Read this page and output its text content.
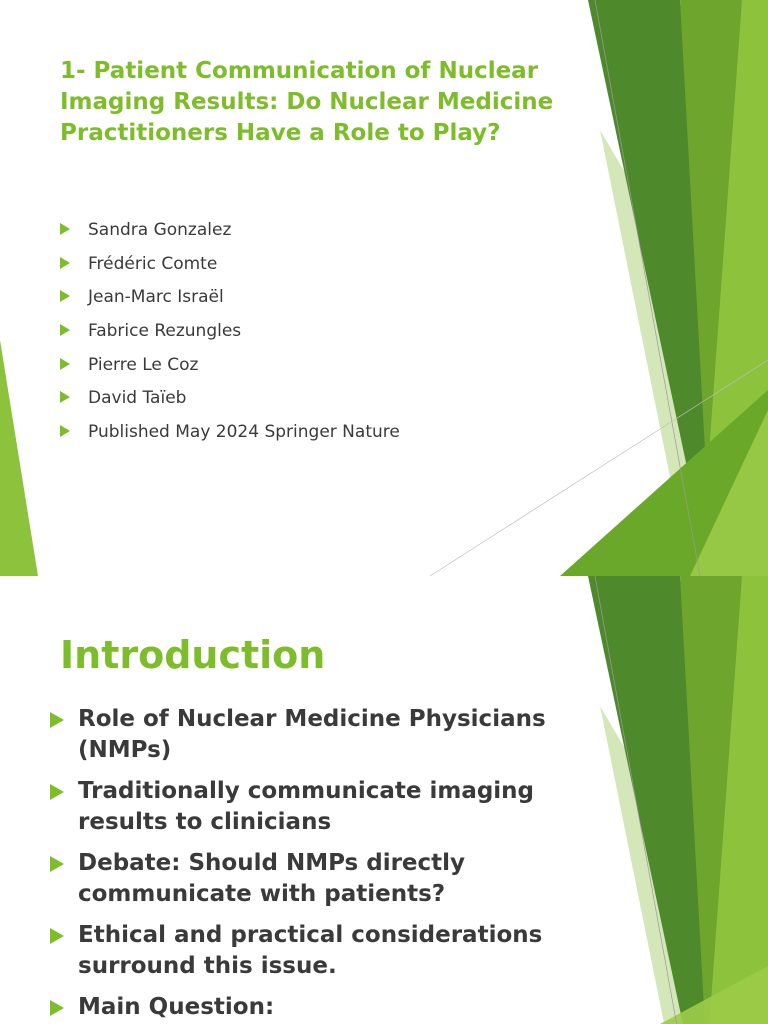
1- Patient Communication of Nuclear Imaging Results: Do Nuclear Medicine Practitioners Have a Role to Play?
Sandra Gonzalez
Frédéric Comte
Jean-Marc Israël
Fabrice Rezungles
Pierre Le Coz
David Taïeb
Published May 2024 Springer Nature
Introduction
Role of Nuclear Medicine Physicians (NMPs)
Traditionally communicate imaging results to clinicians
Debate: Should NMPs directly communicate with patients?
Ethical and practical considerations surround this issue.
Main Question:
